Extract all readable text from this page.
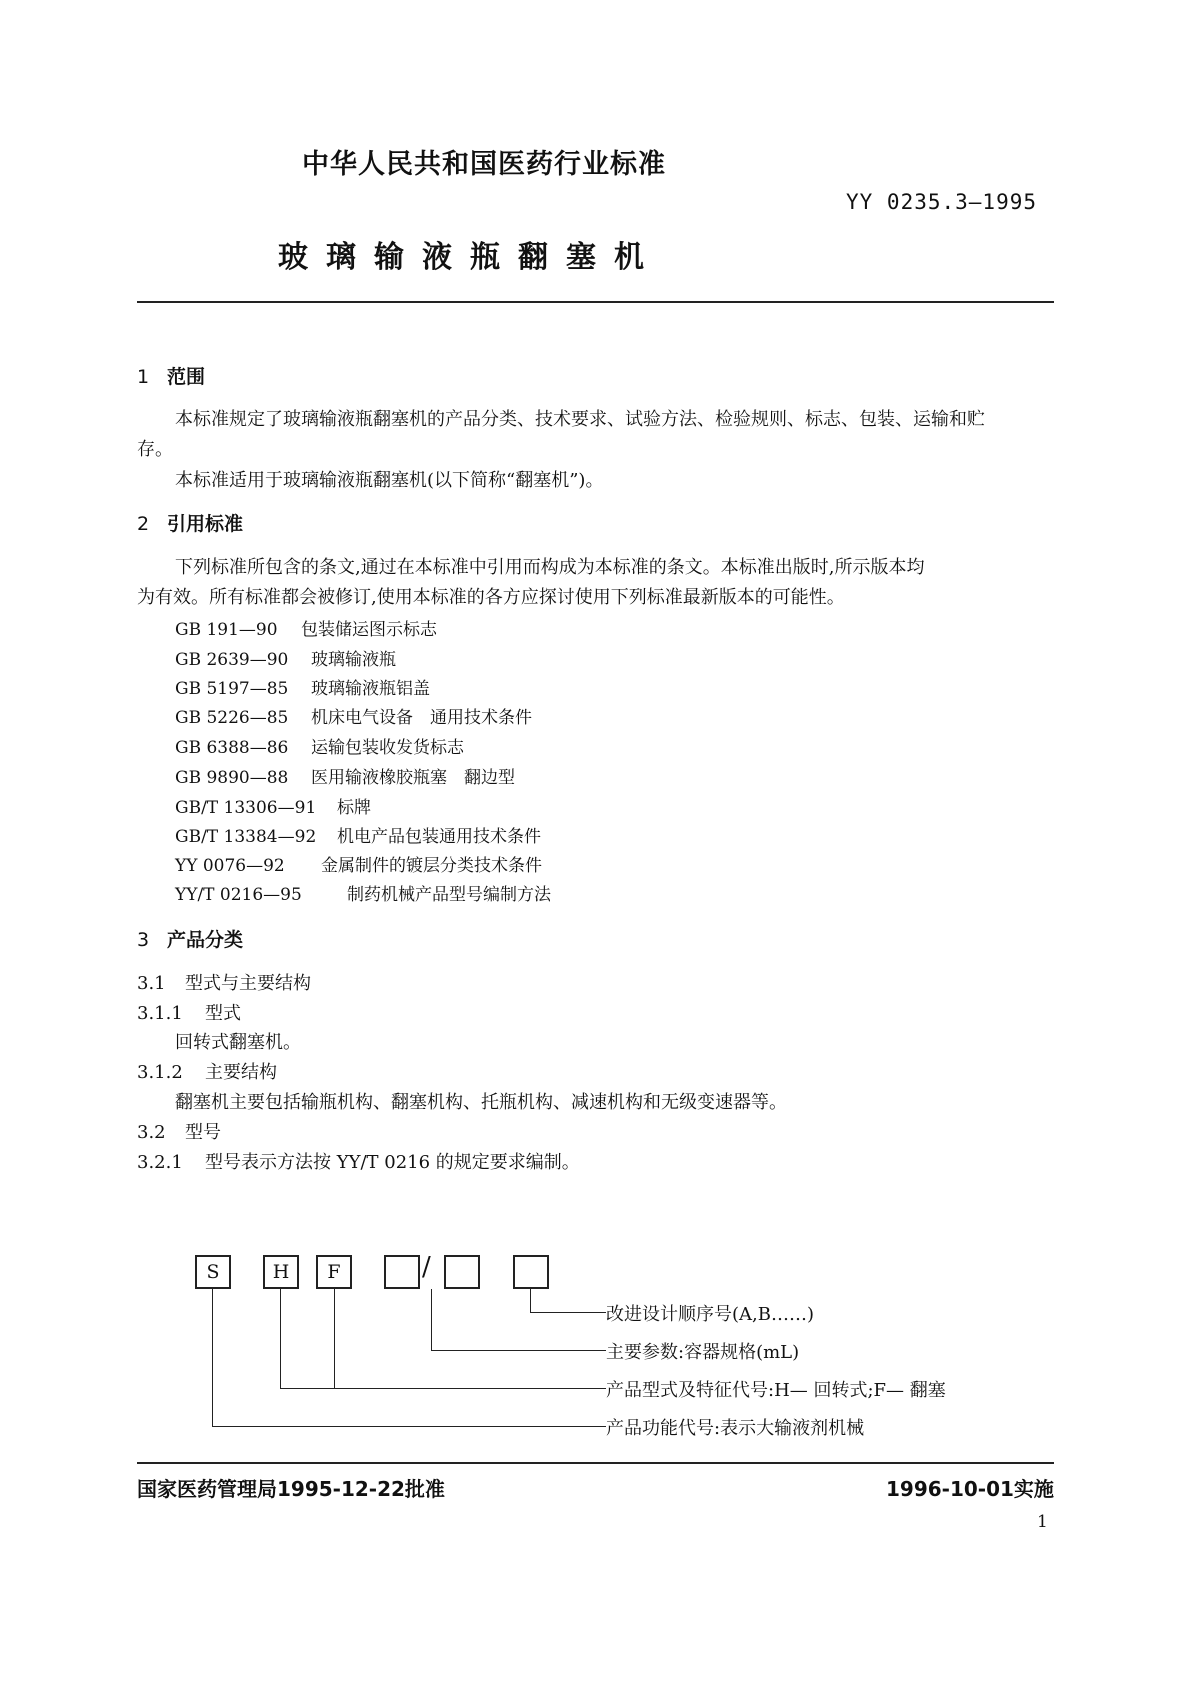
中华人民共和国医药行业标准
YY 0235.3—1995
玻璃输液瓶翻塞机
1 范围
本标准规定了玻璃输液瓶翻塞机的产品分类、技术要求、试验方法、检验规则、标志、包装、运输和贮
存。
本标准适用于玻璃输液瓶翻塞机(以下简称“翻塞机”)。
2 引用标准
下列标准所包含的条文,通过在本标准中引用而构成为本标准的条文。本标准出版时,所示版本均
为有效。所有标准都会被修订,使用本标准的各方应探讨使用下列标准最新版本的可能性。
GB 191—90 包装储运图示标志
GB 2639—90 玻璃输液瓶
GB 5197—85 玻璃输液瓶铝盖
GB 5226—85 机床电气设备　通用技术条件
GB 6388—86 运输包装收发货标志
GB 9890—88 医用输液橡胶瓶塞　翻边型
GB/T 13306—91 标牌
GB/T 13384—92 机电产品包装通用技术条件
YY 0076—92 金属制件的镀层分类技术条件
YY/T 0216—95	制药机械产品型号编制方法
3 产品分类
3.1 型式与主要结构
3.1.1 型式
回转式翻塞机。
3.1.2 主要结构
翻塞机主要包括输瓶机构、翻塞机构、托瓶机构、减速机构和无级变速器等。
3.2 型号
3.2.1 型号表示方法按 YY/T 0216 的规定要求编制。
S	H	F	/
改进设计顺序号(A,B……)
主要参数:容器规格(mL)
产品型式及特征代号:H— 回转式;F— 翻塞
产品功能代号:表示大输液剂机械
国家医药管理局1995-12-22批准	1996-10-01实施
1
